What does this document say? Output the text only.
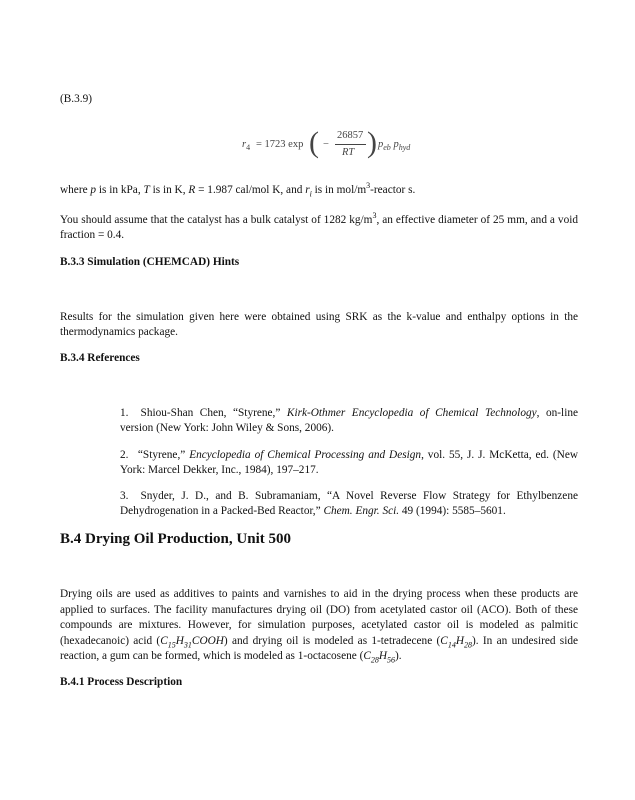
(B.3.9)
$r_4 = 1723$ exp ( −
26857
RT ) $p_{eb}$ $p_{hyd}$
where p is in kPa, T is in K, R = 1.987 cal/mol K, and $r_i$ is in mol/$m^3$-reactor s.
You should assume that the catalyst has a bulk catalyst of 1282 $kg/m^3$, an effective diameter of 25 mm, and a void fraction = 0.4.
B.3.3 Simulation (CHEMCAD) Hints
Results for the simulation given here were obtained using SRK as the k-value and enthalpy options in the thermodynamics package.
B.3.4 References
1. Shiou-Shan Chen, “Styrene,” Kirk-Othmer Encyclopedia of Chemical Technology, on-line version (New York: John Wiley & Sons, 2006).
2. “Styrene,” Encyclopedia of Chemical Processing and Design, vol. 55, J. J. McKetta, ed. (New York: Marcel Dekker, Inc., 1984), 197–217.
3. Snyder, J. D., and B. Subramaniam, “A Novel Reverse Flow Strategy for Ethylbenzene Dehydrogenation in a Packed-Bed Reactor,” Chem. Engr. Sci. 49 (1994): 5585–5601.
B.4 Drying Oil Production, Unit 500
Drying oils are used as additives to paints and varnishes to aid in the drying process when these products are applied to surfaces. The facility manufactures drying oil (DO) from acetylated castor oil (ACO). Both of these compounds are mixtures. However, for simulation purposes, acetylated castor oil is modeled as palmitic (hexadecanoic) acid $(C_{15}H_{31}COOH)$ and drying oil is modeled as 1-tetradecene $(C_{14}H_{28})$. In an undesired side reaction, a gum can be formed, which is modeled as 1-octacosene $(C_{28}H_{56})$.
B.4.1 Process Description
